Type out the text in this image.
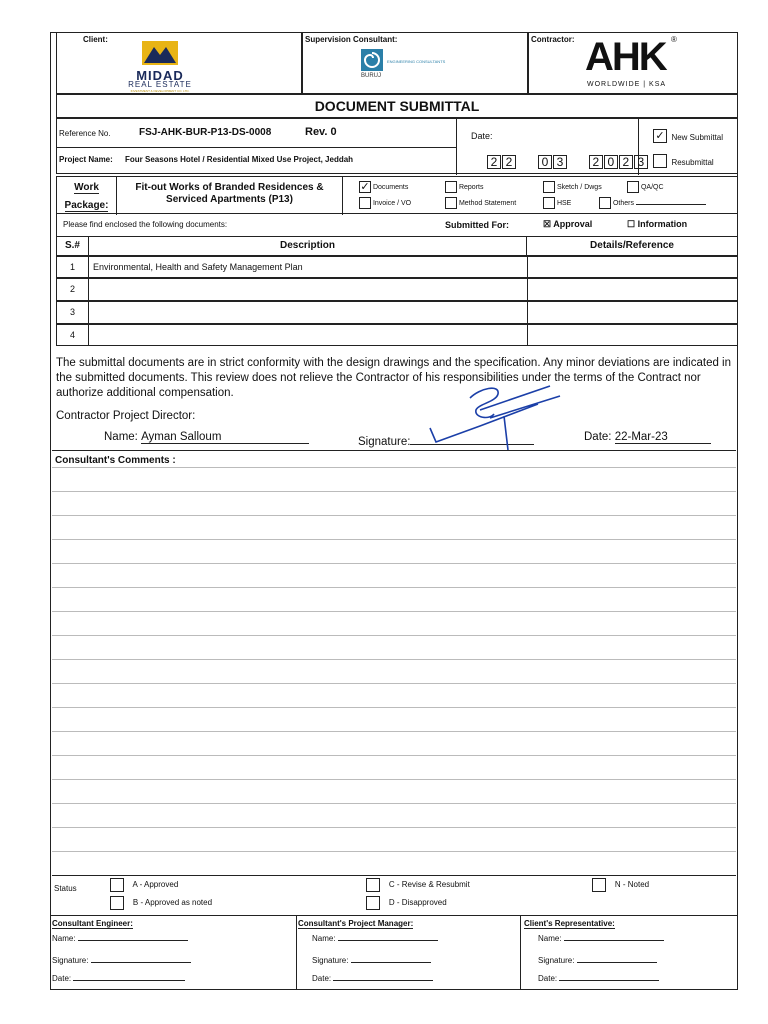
Client:
MIDAD
REAL ESTATE
INVESTMENT & DEVELOPMENT CO. LTD.
Supervision Consultant:
ENGINEERING CONSULTANTS
BURUJ
Contractor: AHK ®
WORLDWIDE | KSA
DOCUMENT SUBMITTAL
Reference No.	FSJ-AHK-BUR-P13-DS-0008	Rev. 0
Project Name: Four Seasons Hotel / Residential Mixed Use Project, Jeddah
Date:
2 2 0 3 2 0 2 3
✓ New Submittal
Resubmittal
Work
Package:
Fit-out Works of Branded Residences &
Serviced Apartments (P13)
✓ Documents	Reports	Sketch / Dwgs	QA/QC
Invoice / VO	Method Statement	HSE	Others
Please find enclosed the following documents:	Submitted For:	☒ Approval	☐ Information
S.#	Description	Details/Reference
1	Environmental, Health and Safety Management Plan
2
3
4
The submittal documents are in strict conformity with the design drawings and the specification. Any minor deviations are indicated in the submitted documents. This review does not relieve the Contractor of his responsibilities under the terms of the Contract nor authorize additional compensation.
Contractor Project Director:
Name: Ayman Salloum	Signature:	Date: 22-Mar-23
Consultant's Comments :
Status	A - Approved
B - Approved as noted
C - Revise & Resubmit
D - Disapproved
N - Noted
Consultant Engineer:
Name:
Signature:
Date:
Consultant's Project Manager:
Name:
Signature:
Date:
Client's Representative:
Name:
Signature:
Date:
